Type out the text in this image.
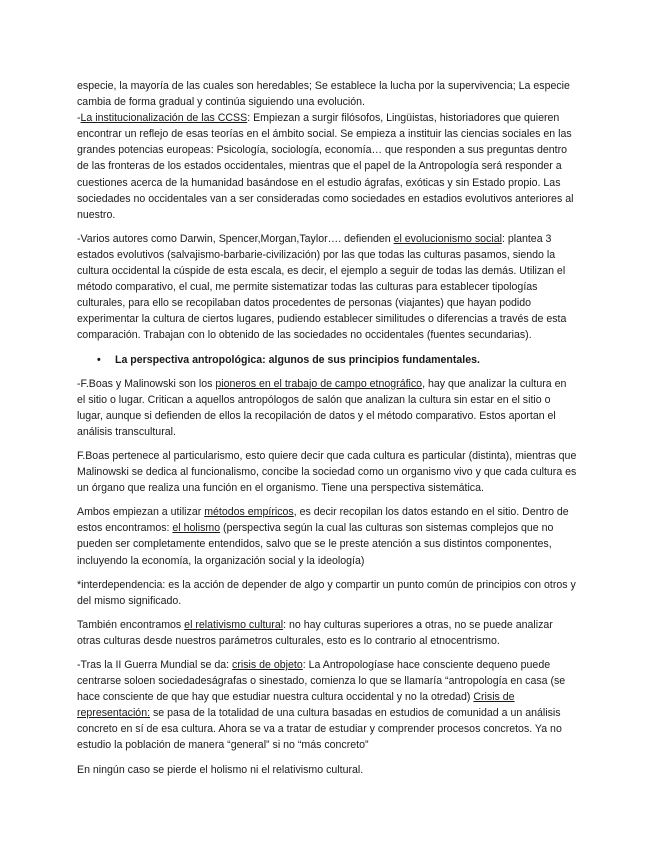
especie, la mayoría de las cuales son heredables; Se establece la lucha por la supervivencia; La especie cambia de forma gradual y continúa siguiendo una evolución.

-La institucionalización de las CCSS: Empiezan a surgir filósofos, Lingüistas, historiadores que quieren encontrar un reflejo de esas teorías en el ámbito social. Se empieza a instituir las ciencias sociales en las grandes potencias europeas: Psicología, sociología, economía… que responden a sus preguntas dentro de las fronteras de los estados occidentales, mientras que el papel de la Antropología será responder a cuestiones acerca de la humanidad basándose en el estudio ágrafas, exóticas y sin Estado propio. Las sociedades no occidentales van a ser consideradas como sociedades en estadios evolutivos anteriores al nuestro.

-Varios autores como Darwin, Spencer,Morgan,Taylor…. defienden el evolucionismo social: plantea 3 estados evolutivos (salvajismo-barbarie-civilización) por las que todas las culturas pasamos, siendo la cultura occidental la cúspide de esta escala, es decir, el ejemplo a seguir de todas las demás. Utilizan el método comparativo, el cual, me permite sistematizar todas las culturas para establecer tipologías culturales, para ello se recopilaban datos procedentes de personas (viajantes) que hayan podido experimentar la cultura de ciertos lugares, pudiendo establecer similitudes o diferencias a través de esta comparación. Trabajan con lo obtenido de las sociedades no occidentales (fuentes secundarias).

•	La perspectiva antropológica: algunos de sus principios fundamentales.

-F.Boas y Malinowski son los pioneros en el trabajo de campo etnográfico, hay que analizar la cultura en el sitio o lugar. Critican a aquellos antropólogos de salón que analizan la cultura sin estar en el sitio o lugar, aunque si defienden de ellos la recopilación de datos y el método comparativo. Estos aportan el análisis transcultural.

F.Boas pertenece al particularismo, esto quiere decir que cada cultura es particular (distinta), mientras que Malinowski se dedica al funcionalismo, concibe la sociedad como un organismo vivo y que cada cultura es un órgano que realiza una función en el organismo. Tiene una perspectiva sistemática.

Ambos empiezan a utilizar métodos empíricos, es decir recopilan los datos estando en el sitio. Dentro de estos encontramos: el holismo (perspectiva según la cual las culturas son sistemas complejos que no pueden ser completamente entendidos, salvo que se le preste atención a sus distintos componentes, incluyendo la economía, la organización social y la ideología)

*interdependencia: es la acción de depender de algo y compartir un punto común de principios con otros y del mismo significado.

También encontramos el relativismo cultural: no hay culturas superiores a otras, no se puede analizar otras culturas desde nuestros parámetros culturales, esto es lo contrario al etnocentrismo.

-Tras la II Guerra Mundial se da: crisis de objeto: La Antropologíase hace consciente dequeno puede centrarse soloen sociedadeságrafas o sinestado, comienza lo que se llamaría “antropología en casa (se hace consciente de que hay que estudiar nuestra cultura occidental y no la otredad) Crisis de representación: se pasa de la totalidad de una cultura basadas en estudios de comunidad a un análisis concreto en sí de esa cultura. Ahora se va a tratar de estudiar y comprender procesos concretos. Ya no estudio la población de manera “general” si no “más concreto”

En ningún caso se pierde el holismo ni el relativismo cultural.
